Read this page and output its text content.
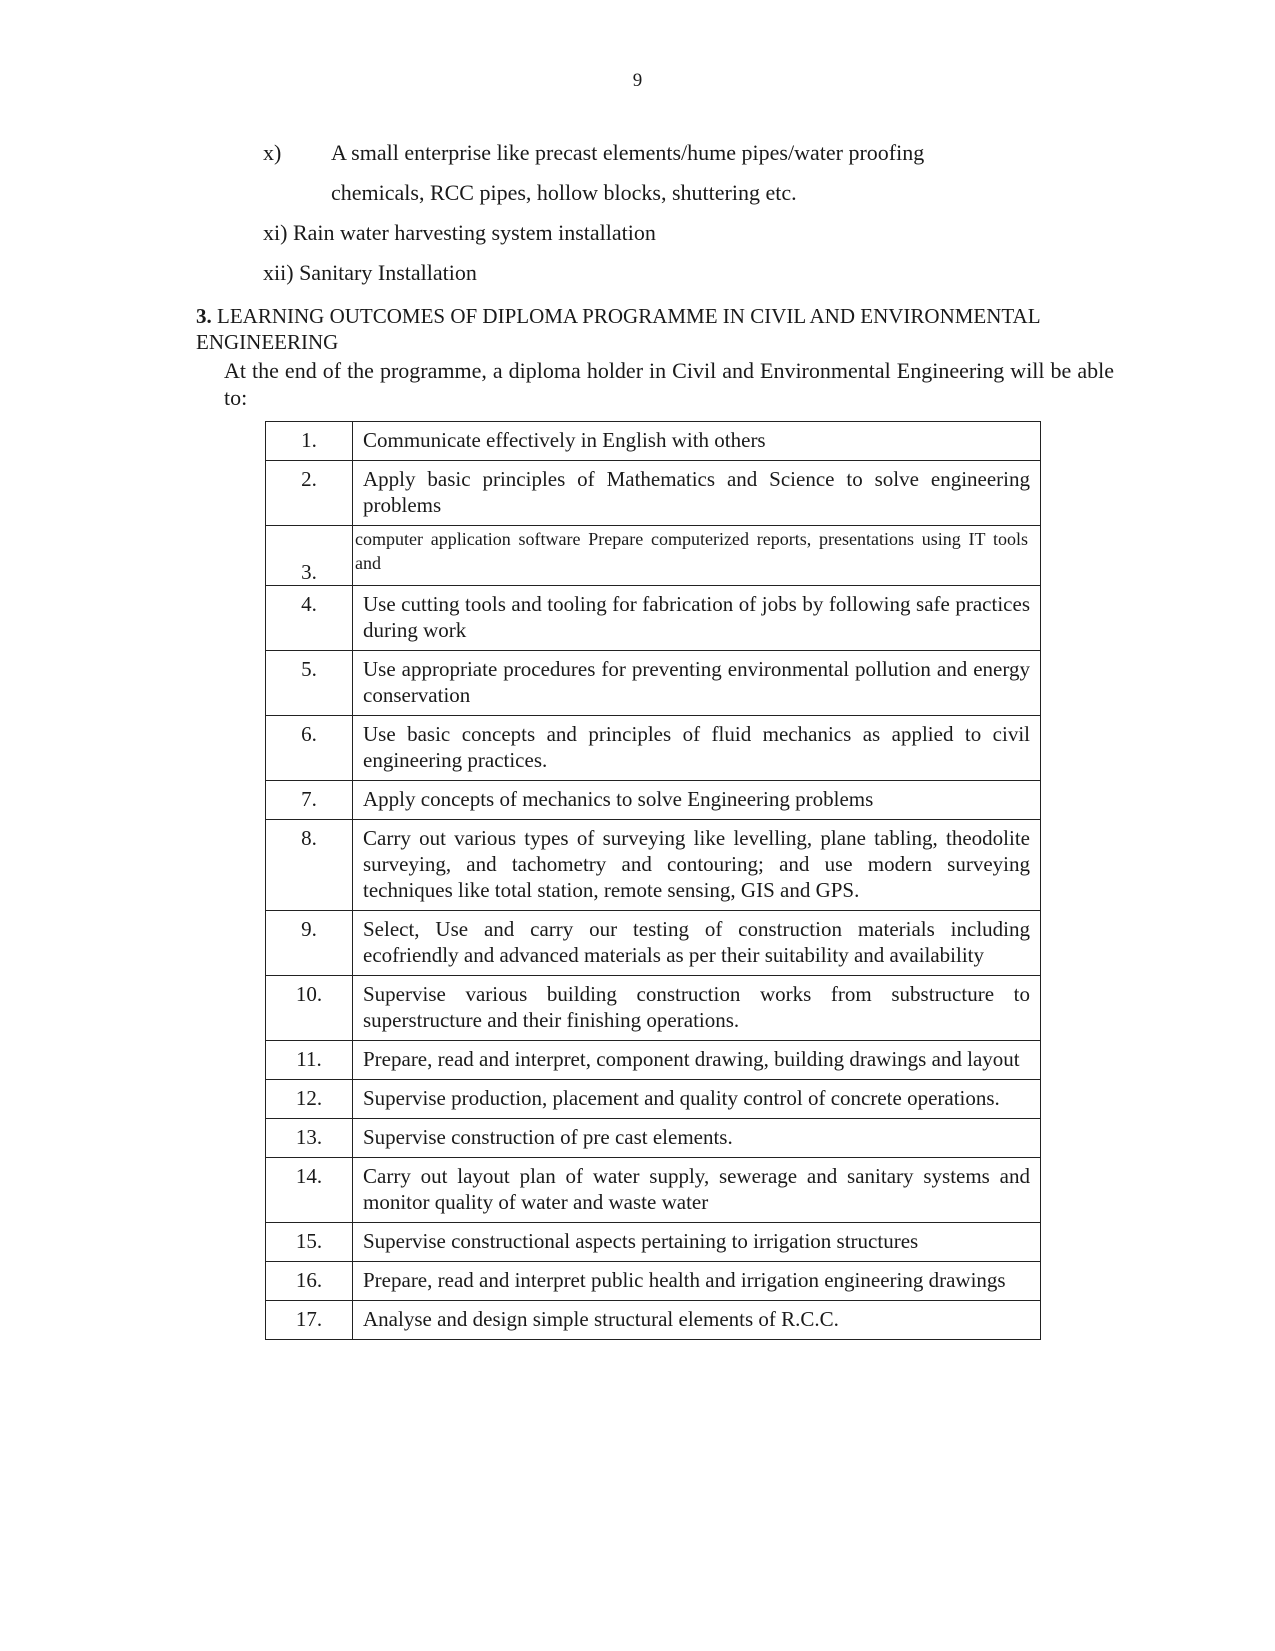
9
x) A small enterprise like precast elements/hume pipes/water proofing
chemicals, RCC pipes, hollow blocks, shuttering etc.
xi) Rain water harvesting system installation
xii) Sanitary Installation
3. LEARNING OUTCOMES OF DIPLOMA PROGRAMME IN CIVIL AND ENVIRONMENTAL ENGINEERING
At the end of the programme, a diploma holder in Civil and Environmental Engineering will be able to:
1.	Communicate effectively in English with others
2.	Apply basic principles of Mathematics and Science to solve engineering problems
3.	computer application software Prepare computerized reports, presentations using IT tools and
4.	Use cutting tools and tooling for fabrication of jobs by following safe practices during work
5.	Use appropriate procedures for preventing environmental pollution and energy conservation
6.	Use basic concepts and principles of fluid mechanics as applied to civil engineering practices.
7.	Apply concepts of mechanics to solve Engineering problems
8.	Carry out various types of surveying like levelling, plane tabling, theodolite surveying, and tachometry and contouring; and use modern surveying techniques like total station, remote sensing, GIS and GPS.
9.	Select, Use and carry our testing of construction materials including ecofriendly and advanced materials as per their suitability and availability
10.	Supervise various building construction works from substructure to superstructure and their finishing operations.
11.	Prepare, read and interpret, component drawing, building drawings and layout
12.	Supervise production, placement and quality control of concrete operations.
13.	Supervise construction of pre cast elements.
14.	Carry out layout plan of water supply, sewerage and sanitary systems and monitor quality of water and waste water
15.	Supervise constructional aspects pertaining to irrigation structures
16.	Prepare, read and interpret public health and irrigation engineering drawings
17.	Analyse and design simple structural elements of R.C.C.
